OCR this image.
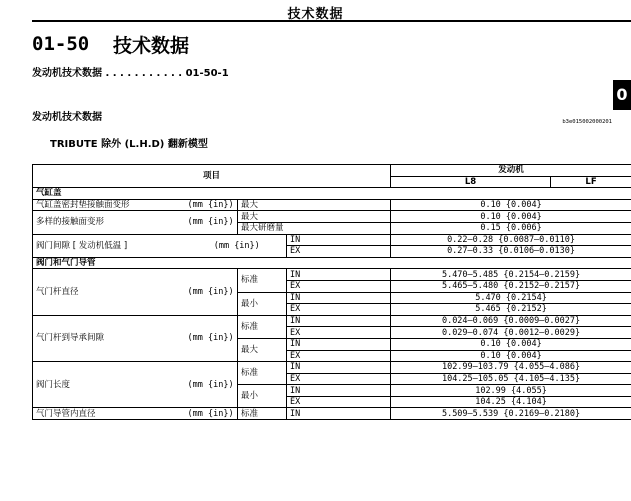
技术数据
01-50 技术数据
发动机技术数据 . . . . . . . . . . . 01-50-1
0
发动机技术数据	b3e015002000201
TRIBUTE 除外 (L.H.D) 翻新模型
项目				发动机		
				L8	LF	
气缸盖						
气缸盖密封垫接触面变形	(mm {in})	最大		0.10 {0.004}		
多样的接触面变形	(mm {in})	最大		0.10 {0.004}		
		最大研磨量		0.15 {0.006}		
阀门间隙 [ 发动机低温 ]	(mm {in})		IN	0.22—0.28 {0.0087—0.0110}		
			EX	0.27—0.33 {0.0106—0.0130}		
阀门和气门导管						
气门杆直径	(mm {in})	标准	IN	5.470—5.485 {0.2154—0.2159}		
			EX	5.465—5.480 {0.2152—0.2157}		
		最小	IN	5.470 {0.2154}		
			EX	5.465 {0.2152}		
气门杆到导承间隙	(mm {in})	标准	IN	0.024—0.069 {0.0009—0.0027}		
			EX	0.029—0.074 {0.0012—0.0029}		
		最大	IN	0.10 {0.004}		
			EX	0.10 {0.004}		
阀门长度	(mm {in})	标准	IN	102.99—103.79 {4.055—4.086}		
			EX	104.25—105.05 {4.105—4.135}		
		最小	IN	102.99 {4.055}		
			EX	104.25 {4.104}		
气门导管内直径	(mm {in})	标准	IN	5.509—5.539 {0.2169—0.2180}		
